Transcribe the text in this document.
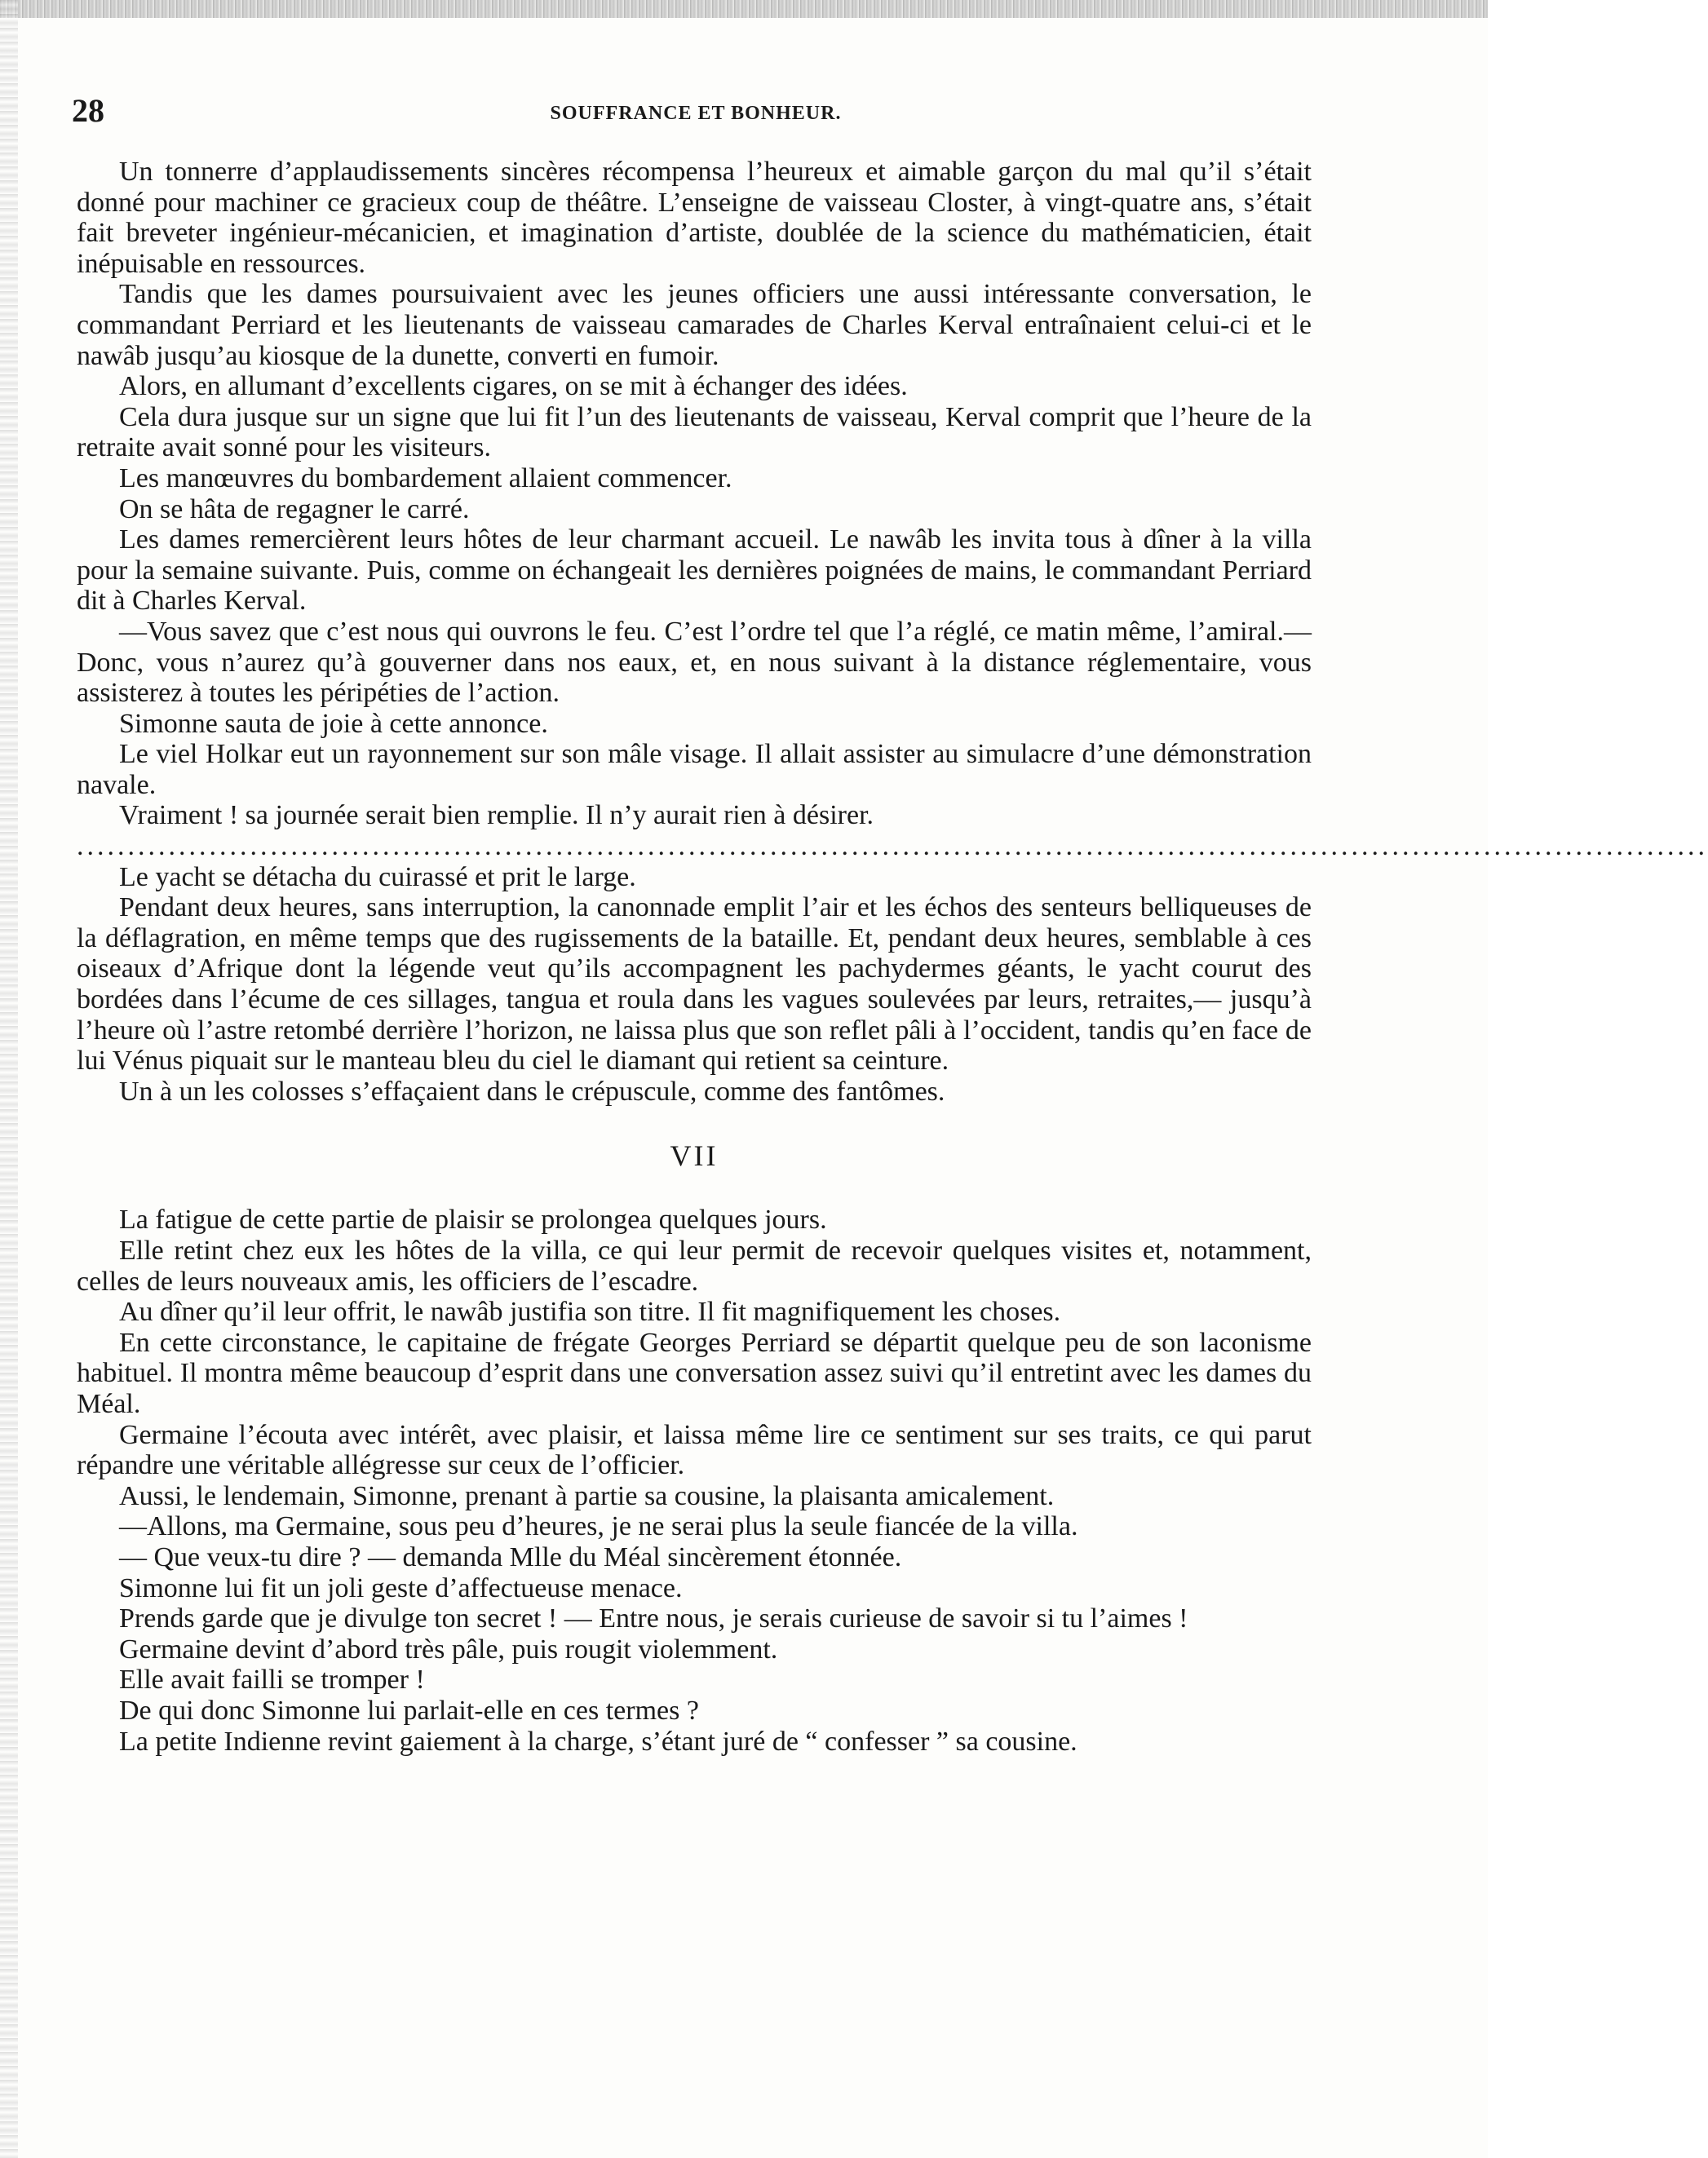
28	SOUFFRANCE ET BONHEUR.

Un tonnerre d’applaudissements sincères récompensa l’heureux et aimable garçon du mal qu’il s’était donné pour machiner ce gracieux coup de théâtre. L’enseigne de vaisseau Closter, à vingt-quatre ans, s’était fait breveter ingénieur-mécanicien, et imagination d’artiste, doublée de la science du mathématicien, était inépuisable en ressources.

Tandis que les dames poursuivaient avec les jeunes officiers une aussi intéressante conversation, le commandant Perriard et les lieutenants de vaisseau camarades de Charles Kerval entraînaient celui-ci et le nawâb jusqu’au kiosque de la dunette, converti en fumoir.

Alors, en allumant d’excellents cigares, on se mit à échanger des idées.

Cela dura jusque sur un signe que lui fit l’un des lieutenants de vaisseau, Kerval comprit que l’heure de la retraite avait sonné pour les visiteurs.

Les manœuvres du bombardement allaient commencer.

On se hâta de regagner le carré.

Les dames remercièrent leurs hôtes de leur charmant accueil. Le nawâb les invita tous à dîner à la villa pour la semaine suivante. Puis, comme on échangeait les dernières poignées de mains, le commandant Perriard dit à Charles Kerval.

—Vous savez que c’est nous qui ouvrons le feu. C’est l’ordre tel que l’a réglé, ce matin même, l’amiral.—Donc, vous n’aurez qu’à gouverner dans nos eaux, et, en nous suivant à la distance réglementaire, vous assisterez à toutes les péripéties de l’action.

Simonne sauta de joie à cette annonce.

Le viel Holkar eut un rayonnement sur son mâle visage. Il allait assister au simulacre d’une démonstration navale.

Vraiment ! sa journée serait bien remplie. Il n’y aurait rien à désirer.

................................................................................................................................................................

Le yacht se détacha du cuirassé et prit le large.

Pendant deux heures, sans interruption, la canonnade emplit l’air et les échos des senteurs belliqueuses de la déflagration, en même temps que des rugissements de la bataille. Et, pendant deux heures, semblable à ces oiseaux d’Afrique dont la légende veut qu’ils accompagnent les pachydermes géants, le yacht courut des bordées dans l’écume de ces sillages, tangua et roula dans les vagues soulevées par leurs, retraites,— jusqu’à l’heure où l’astre retombé derrière l’horizon, ne laissa plus que son reflet pâli à l’occident, tandis qu’en face de lui Vénus piquait sur le manteau bleu du ciel le diamant qui retient sa ceinture.

Un à un les colosses s’effaçaient dans le crépuscule, comme des fantômes.

VII

La fatigue de cette partie de plaisir se prolongea quelques jours.

Elle retint chez eux les hôtes de la villa, ce qui leur permit de recevoir quelques visites et, notamment, celles de leurs nouveaux amis, les officiers de l’escadre.

Au dîner qu’il leur offrit, le nawâb justifia son titre. Il fit magnifiquement les choses.

En cette circonstance, le capitaine de frégate Georges Perriard se départit quelque peu de son laconisme habituel. Il montra même beaucoup d’esprit dans une conversation assez suivi qu’il entretint avec les dames du Méal.

Germaine l’écouta avec intérêt, avec plaisir, et laissa même lire ce sentiment sur ses traits, ce qui parut répandre une véritable allégresse sur ceux de l’officier.

Aussi, le lendemain, Simonne, prenant à partie sa cousine, la plaisanta amicalement.

—Allons, ma Germaine, sous peu d’heures, je ne serai plus la seule fiancée de la villa.

— Que veux-tu dire ? — demanda Mlle du Méal sincèrement étonnée.

Simonne lui fit un joli geste d’affectueuse menace.

Prends garde que je divulge ton secret ! — Entre nous, je serais curieuse de savoir si tu l’aimes !

Germaine devint d’abord très pâle, puis rougit violemment.

Elle avait failli se tromper !

De qui donc Simonne lui parlait-elle en ces termes ?

La petite Indienne revint gaiement à la charge, s’étant juré de “ confesser ” sa cousine.
